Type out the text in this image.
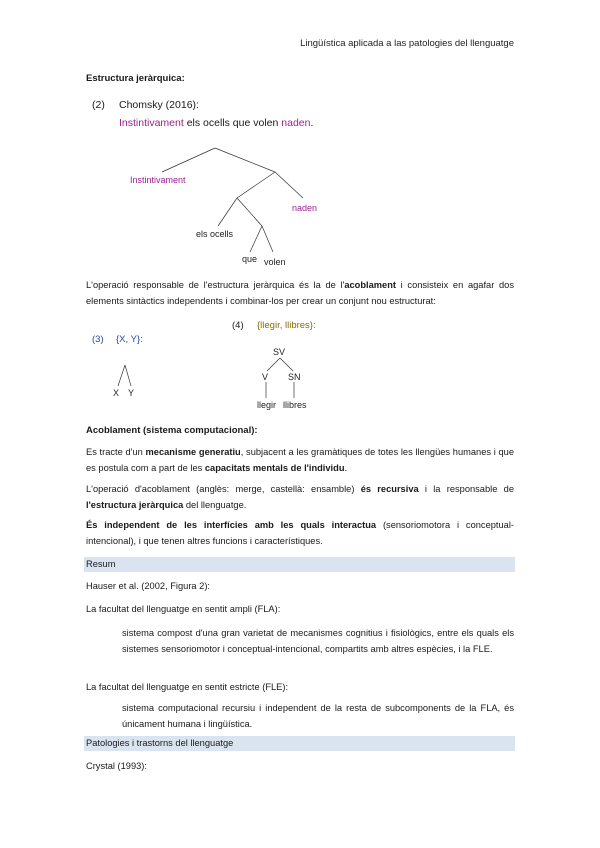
Lingüística aplicada a las patologies del llenguatge
Estructura jeràrquica:
(2) Chomsky (2016):
Instintivament els ocells que volen naden.
Instintivament
naden
els ocells
que volen
L'operació responsable de l'estructura jeràrquica és la de l'acoblament i consisteix en agafar dos elements sintàctics independents i combinar-los per crear un conjunt nou estructurat:
(3) {X, Y}:
(4) {llegir, llibres}:
X Y
SV
V SN
llegir llibres
Acoblament (sistema computacional):
Es tracte d'un mecanisme generatiu, subjacent a les gramàtiques de totes les llengües humanes i que es postula com a part de les capacitats mentals de l'individu.
L'operació d'acoblament (anglès: merge, castellà: ensamble) és recursiva i la responsable de l'estructura jeràrquica del llenguatge.
És independent de les interfícies amb les quals interactua (sensoriomotora i conceptual-intencional), i que tenen altres funcions i característiques.
Resum
Hauser et al. (2002, Figura 2):
La facultat del llenguatge en sentit ampli (FLA):
sistema compost d'una gran varietat de mecanismes cognitius i fisiològics, entre els quals els sistemes sensoriomotor i conceptual-intencional, compartits amb altres espècies, i la FLE.
La facultat del llenguatge en sentit estricte (FLE):
sistema computacional recursiu i independent de la resta de subcomponents de la FLA, és únicament humana i lingüística.
Patologies i trastorns del llenguatge
Crystal (1993):
